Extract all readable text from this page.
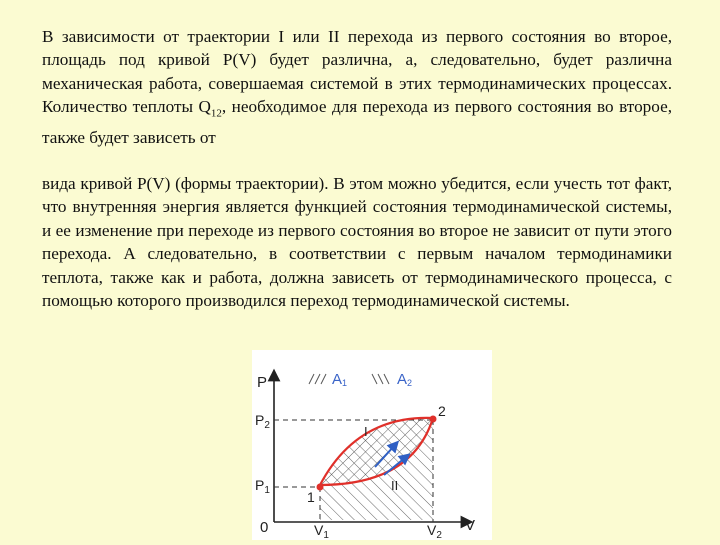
В зависимости от траектории I или II перехода из первого состояния во второе, площадь под кривой P(V) будет различна, а, следовательно, будет различна механическая работа, совершаемая системой в этих термодинамических процессах. Количество теплоты $Q_{12}$, необходимое для перехода из первого состояния во второе, также будет зависеть от

вида кривой P(V) (формы траектории). В этом можно убедится, если учесть тот факт, что внутренняя энергия является функцией состояния термодинамической системы, и ее изменение при переходе из первого состояния во второе не зависит от пути этого перехода. А следовательно, в соответствии с первым началом термодинамики теплота, также как и работа, должна зависеть от термодинамического процесса, с помощью которого производился переход термодинамической системы.

P
V
0
$P_2$
$P_1$
$V_1$	$V_2$
1
2
I
II
A1	A2
